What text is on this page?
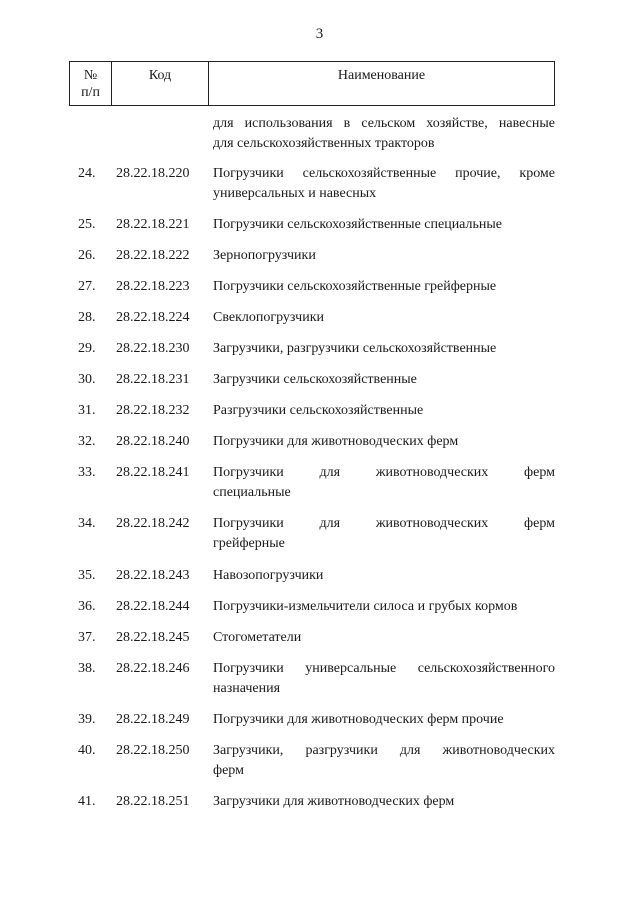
3
№
п/п
Код	Наименование
для использования в сельском хозяйстве, навесные
для сельскохозяйственных тракторов
24. 28.22.18.220 Погрузчики сельскохозяйственные прочие, кроме
универсальных и навесных
25. 28.22.18.221 Погрузчики сельскохозяйственные специальные
26. 28.22.18.222 Зернопогрузчики
27. 28.22.18.223 Погрузчики сельскохозяйственные грейферные
28. 28.22.18.224 Свеклопогрузчики
29. 28.22.18.230 Загрузчики, разгрузчики сельскохозяйственные
30. 28.22.18.231 Загрузчики сельскохозяйственные
31. 28.22.18.232 Разгрузчики сельскохозяйственные
32. 28.22.18.240 Погрузчики для животноводческих ферм
33. 28.22.18.241 Погрузчики для животноводческих ферм
специальные
34. 28.22.18.242 Погрузчики для животноводческих ферм
грейферные
35. 28.22.18.243 Навозопогрузчики
36. 28.22.18.244 Погрузчики-измельчители силоса и грубых кормов
37. 28.22.18.245 Стогометатели
38. 28.22.18.246 Погрузчики универсальные сельскохозяйственного
назначения
39. 28.22.18.249 Погрузчики для животноводческих ферм прочие
40. 28.22.18.250 Загрузчики, разгрузчики для животноводческих
ферм
41. 28.22.18.251 Загрузчики для животноводческих ферм
